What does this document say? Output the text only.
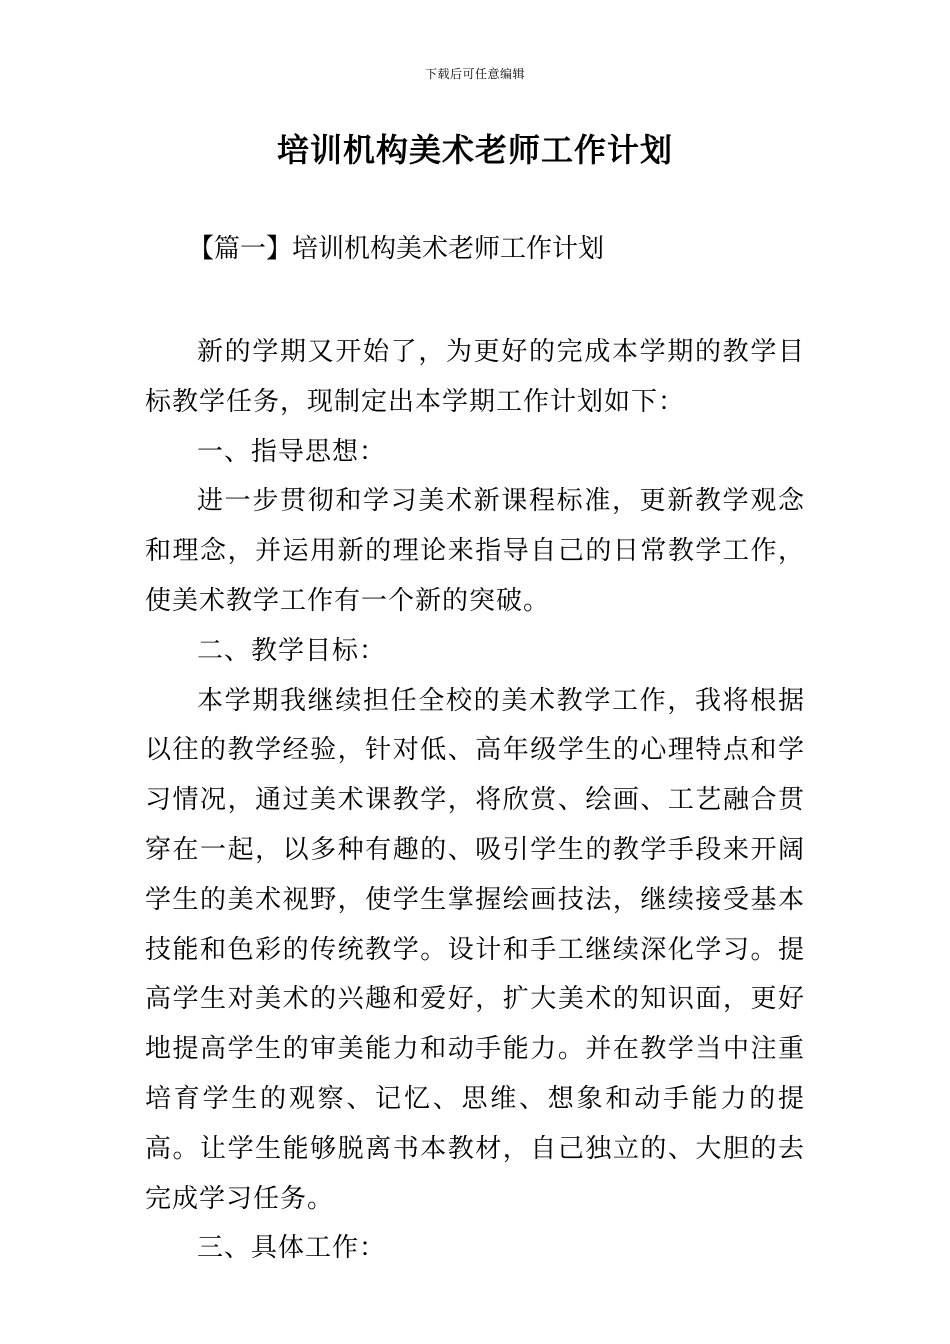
下载后可任意编辑
培训机构美术老师工作计划
【篇一】培训机构美术老师工作计划

新的学期又开始了，为更好的完成本学期的教学目标教学任务，现制定出本学期工作计划如下：

一、指导思想：

进一步贯彻和学习美术新课程标准，更新教学观念和理念，并运用新的理论来指导自己的日常教学工作，使美术教学工作有一个新的突破。

二、教学目标：

本学期我继续担任全校的美术教学工作，我将根据以往的教学经验，针对低、高年级学生的心理特点和学习情况，通过美术课教学，将欣赏、绘画、工艺融合贯穿在一起，以多种有趣的、吸引学生的教学手段来开阔学生的美术视野，使学生掌握绘画技法，继续接受基本技能和色彩的传统教学。设计和手工继续深化学习。提高学生对美术的兴趣和爱好，扩大美术的知识面，更好地提高学生的审美能力和动手能力。并在教学当中注重培育学生的观察、记忆、思维、想象和动手能力的提高。让学生能够脱离书本教材，自己独立的、大胆的去完成学习任务。

三、具体工作：
